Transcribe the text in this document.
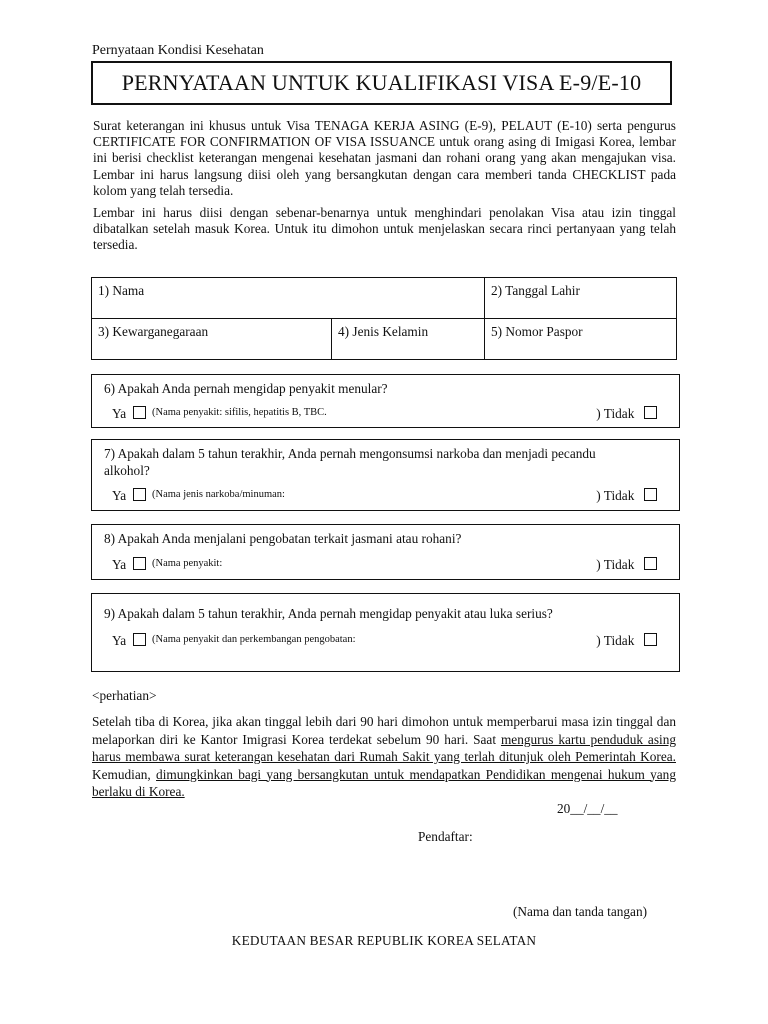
Pernyataan Kondisi Kesehatan
PERNYATAAN UNTUK KUALIFIKASI VISA E-9/E-10
Surat keterangan ini khusus untuk Visa TENAGA KERJA ASING (E-9), PELAUT (E-10) serta pengurus CERTIFICATE FOR CONFIRMATION OF VISA ISSUANCE untuk orang asing di Imigasi Korea, lembar ini berisi checklist keterangan mengenai kesehatan jasmani dan rohani orang yang akan mengajukan visa. Lembar ini harus langsung diisi oleh yang bersangkutan dengan cara memberi tanda CHECKLIST pada kolom yang telah tersedia.
Lembar ini harus diisi dengan sebenar-benarnya untuk menghindari penolakan Visa atau izin tinggal dibatalkan setelah masuk Korea. Untuk itu dimohon untuk menjelaskan secara rinci pertanyaan yang telah tersedia.
1) Nama		2) Tanggal Lahir
3) Kewarganegaraan	4) Jenis Kelamin	5) Nomor Paspor
6) Apakah Anda pernah mengidap penyakit menular?
Ya	(Nama penyakit: sifilis, hepatitis B, TBC.	) Tidak
7) Apakah dalam 5 tahun terakhir, Anda pernah mengonsumsi narkoba dan menjadi pecandu alkohol?
Ya	(Nama jenis narkoba/minuman:	) Tidak
8) Apakah Anda menjalani pengobatan terkait jasmani atau rohani?
Ya	(Nama penyakit:	) Tidak
9) Apakah dalam 5 tahun terakhir, Anda pernah mengidap penyakit atau luka serius?
Ya	(Nama penyakit dan perkembangan pengobatan:	) Tidak
<perhatian>
Setelah tiba di Korea, jika akan tinggal lebih dari 90 hari dimohon untuk memperbarui masa izin tinggal dan melaporkan diri ke Kantor Imigrasi Korea terdekat sebelum 90 hari. Saat mengurus kartu penduduk asing harus membawa surat keterangan kesehatan dari Rumah Sakit yang terlah ditunjuk oleh Pemerintah Korea. Kemudian, dimungkinkan bagi yang bersangkutan untuk mendapatkan Pendidikan mengenai hukum yang berlaku di Korea.
20__/__/__
Pendaftar:
(Nama dan tanda tangan)
KEDUTAAN BESAR REPUBLIK KOREA SELATAN
